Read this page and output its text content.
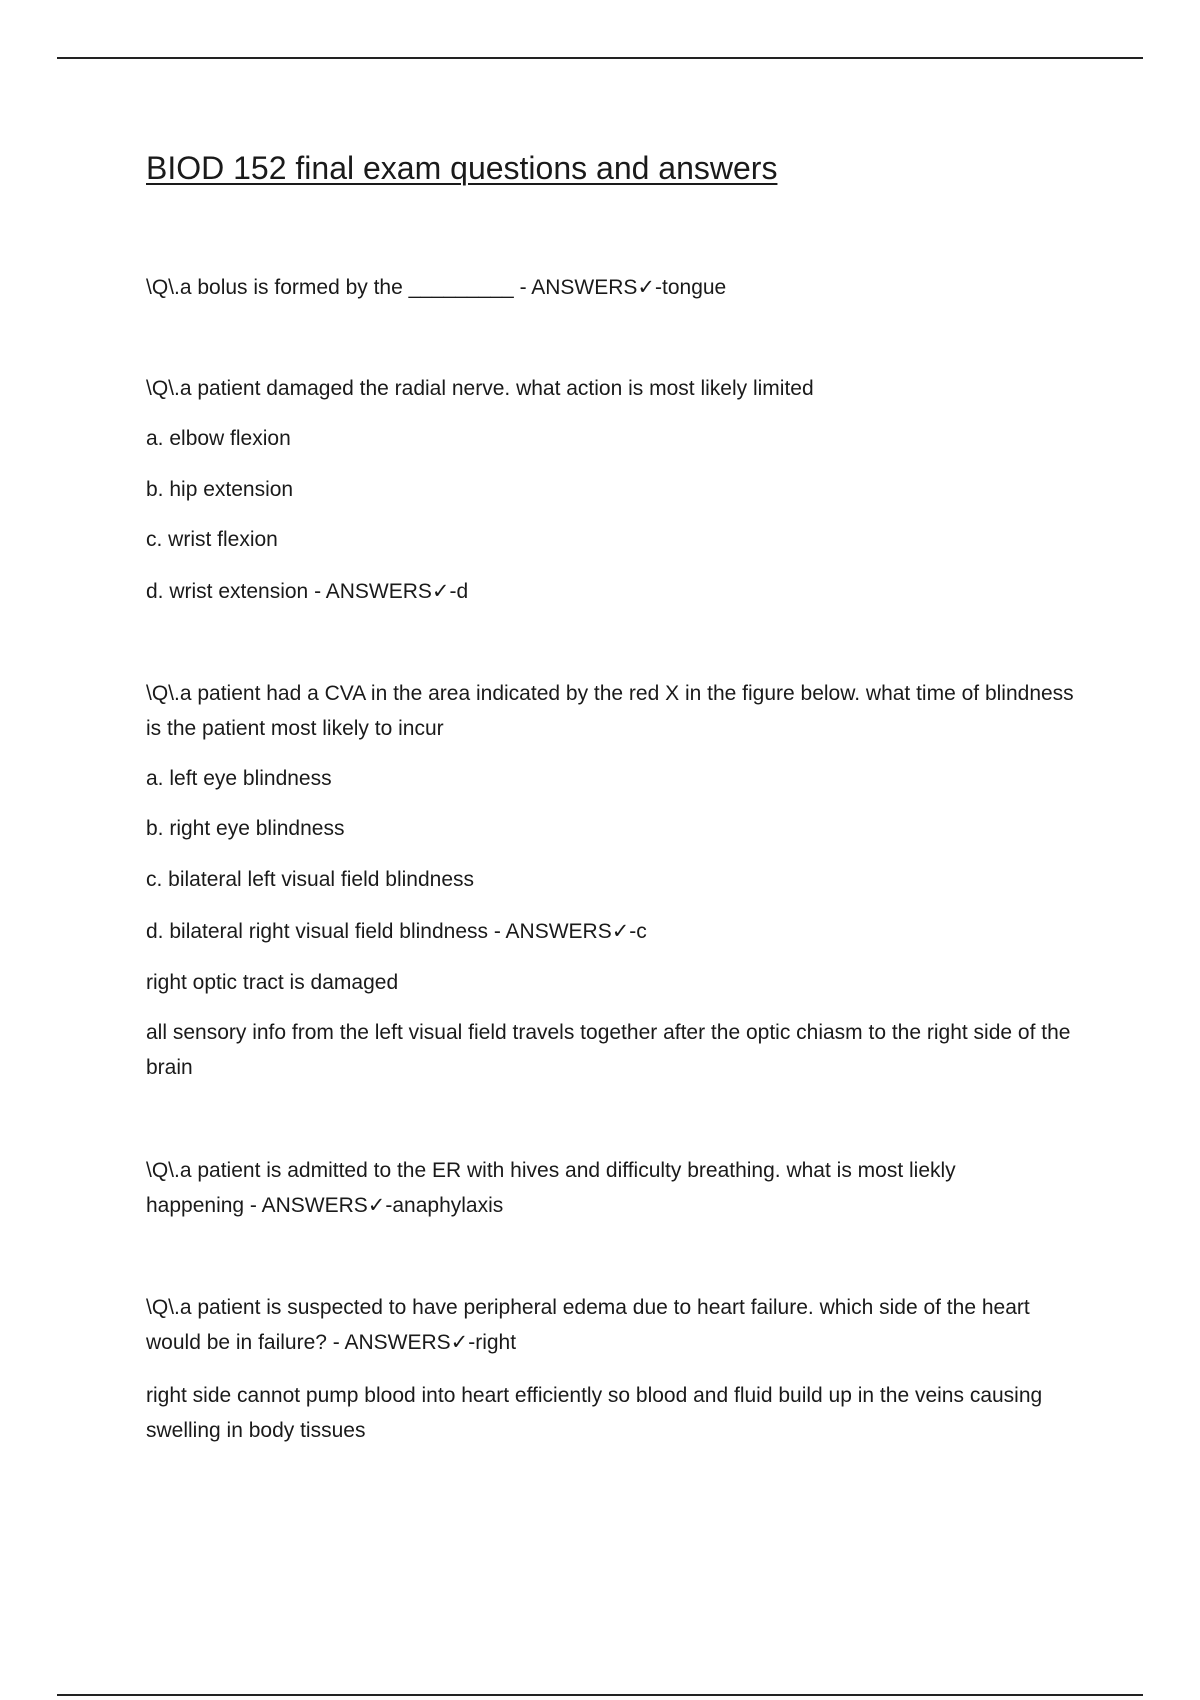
BIOD 152 final exam questions and answers

\Q\.a bolus is formed by the _________ - ANSWERS✓-tongue

\Q\.a patient damaged the radial nerve. what action is most likely limited

a. elbow flexion

b. hip extension

c. wrist flexion

d. wrist extension - ANSWERS✓-d

\Q\.a patient had a CVA in the area indicated by the red X in the figure below. what time of blindness is the patient most likely to incur

a. left eye blindness

b. right eye blindness

c. bilateral left visual field blindness

d. bilateral right visual field blindness - ANSWERS✓-c

right optic tract is damaged

all sensory info from the left visual field travels together after the optic chiasm to the right side of the brain

\Q\.a patient is admitted to the ER with hives and difficulty breathing. what is most liekly happening - ANSWERS✓-anaphylaxis

\Q\.a patient is suspected to have peripheral edema due to heart failure. which side of the heart would be in failure? - ANSWERS✓-right

right side cannot pump blood into heart efficiently so blood and fluid build up in the veins causing swelling in body tissues
